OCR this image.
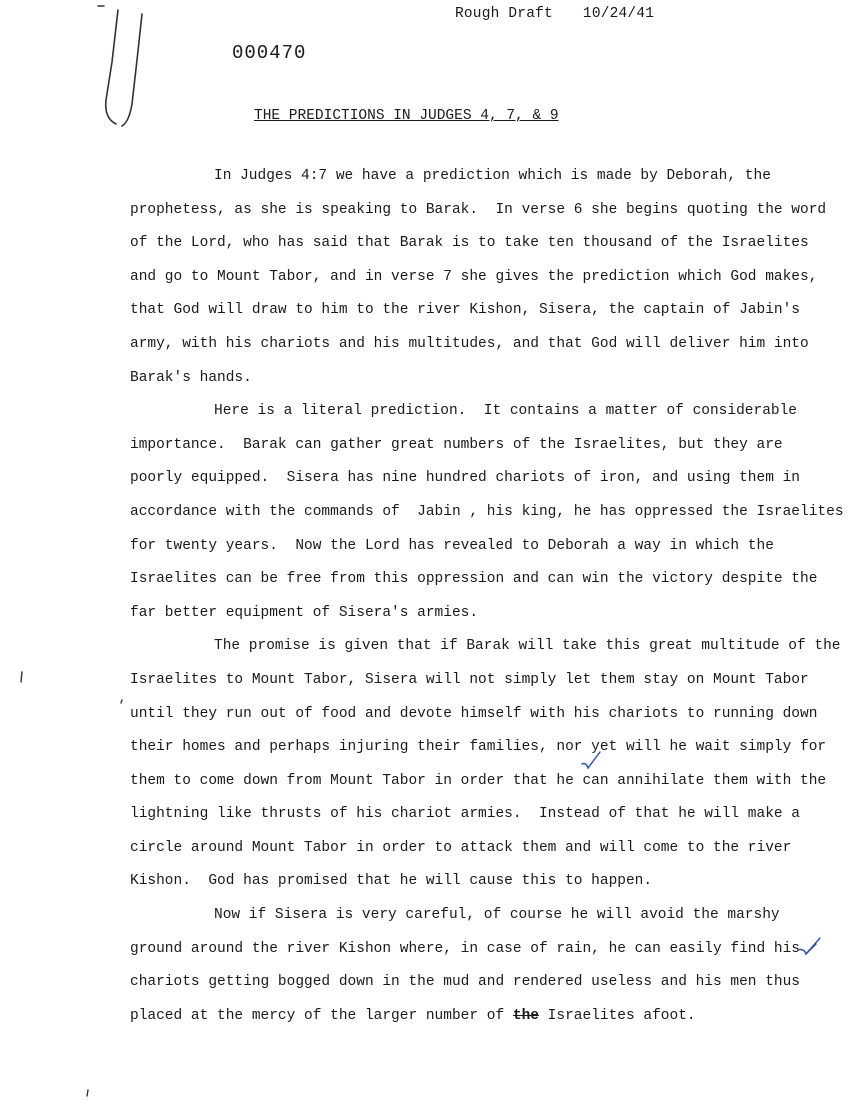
Rough Draft 10/24/41
000470
THE PREDICTIONS IN JUDGES 4, 7, & 9

In Judges 4:7 we have a prediction which is made by Deborah, the
prophetess, as she is speaking to Barak.  In verse 6 she begins quoting the word
of the Lord, who has said that Barak is to take ten thousand of the Israelites
and go to Mount Tabor, and in verse 7 she gives the prediction which God makes,
that God will draw to him to the river Kishon, Sisera, the captain of Jabin's
army, with his chariots and his multitudes, and that God will deliver him into
Barak's hands.

Here is a literal prediction.  It contains a matter of considerable
importance.  Barak can gather great numbers of the Israelites, but they are
poorly equipped.  Sisera has nine hundred chariots of iron, and using them in
accordance with the commands of  Jabin , his king, he has oppressed the Israelites
for twenty years.  Now the Lord has revealed to Deborah a way in which the
Israelites can be free from this oppression and can win the victory despite the
far better equipment of Sisera's armies.

The promise is given that if Barak will take this great multitude of the
Israelites to Mount Tabor, Sisera will not simply let them stay on Mount Tabor
until they run out of food and devote himself with his chariots to running down
their homes and perhaps injuring their families, nor yet will he wait simply for
them to come down from Mount Tabor in order that he can annihilate them with the
lightning like thrusts of his chariot armies.  Instead of that he will make a
circle around Mount Tabor in order to attack them and will come to the river
Kishon.  God has promised that he will cause this to happen.

Now if Sisera is very careful, of course he will avoid the marshy
ground around the river Kishon where, in case of rain, he can easily find his
chariots getting bogged down in the mud and rendered useless and his men thus
placed at the mercy of the larger number of the Israelites afoot.
